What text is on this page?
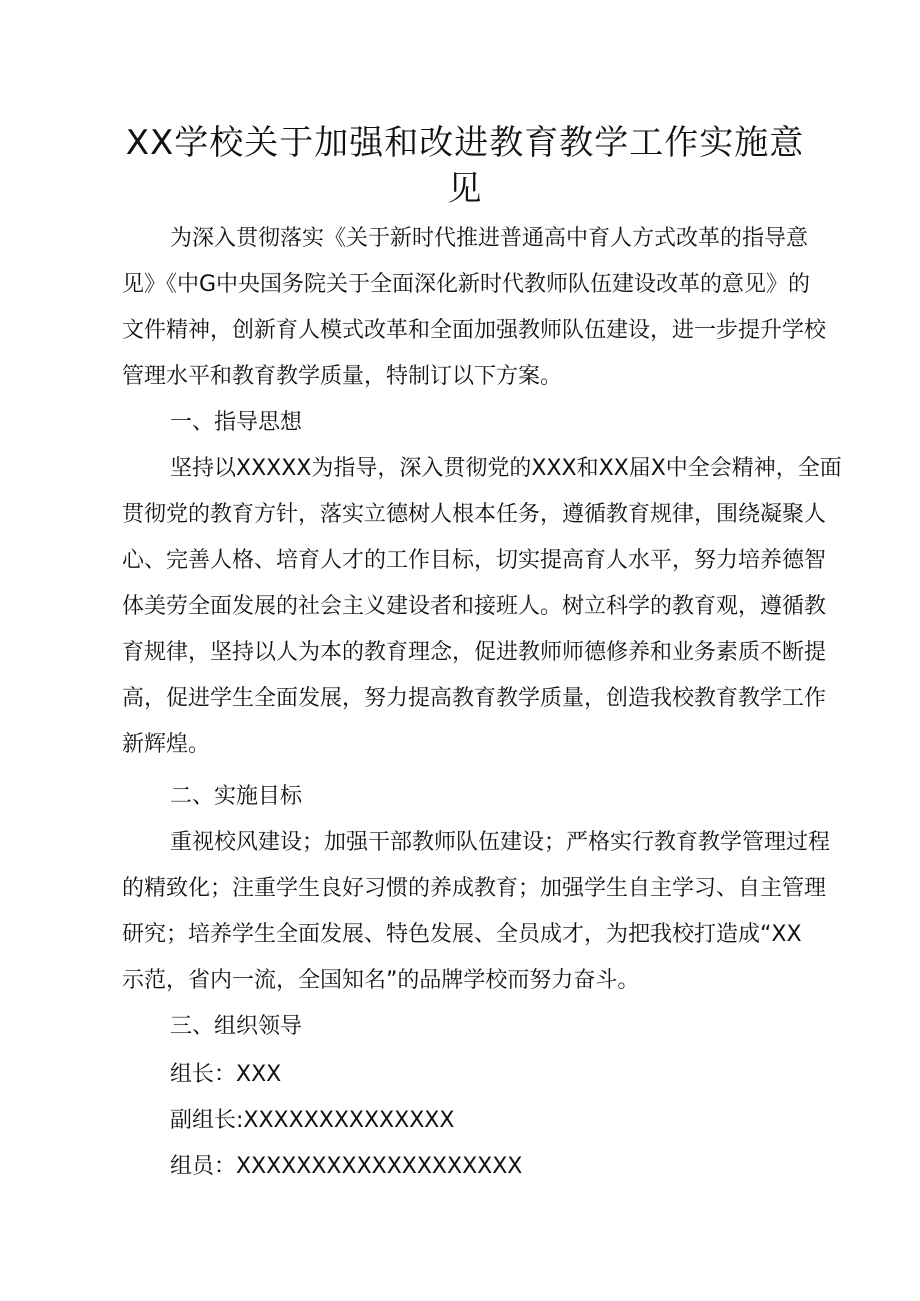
XX学校关于加强和改进教育教学工作实施意
见
为深入贯彻落实《关于新时代推进普通高中育人方式改革的指导意
见》《中G中央国务院关于全面深化新时代教师队伍建设改革的意见》的
文件精神，创新育人模式改革和全面加强教师队伍建设，进一步提升学校
管理水平和教育教学质量，特制订以下方案。
一、指导思想
坚持以XXXXX为指导，深入贯彻党的XXX和XX届X中全会精神，全面
贯彻党的教育方针，落实立德树人根本任务，遵循教育规律，围绕凝聚人
心、完善人格、培育人才的工作目标，切实提高育人水平，努力培养德智
体美劳全面发展的社会主义建设者和接班人。树立科学的教育观，遵循教
育规律，坚持以人为本的教育理念，促进教师师德修养和业务素质不断提
高，促进学生全面发展，努力提高教育教学质量，创造我校教育教学工作
新辉煌。
二、实施目标
重视校风建设；加强干部教师队伍建设；严格实行教育教学管理过程
的精致化；注重学生良好习惯的养成教育；加强学生自主学习、自主管理
研究；培养学生全面发展、特色发展、全员成才，为把我校打造成“XX
示范，省内一流，全国知名”的品牌学校而努力奋斗。
三、组织领导
组长：XXX
副组长:XXXXXXXXXXXXXX
组员：XXXXXXXXXXXXXXXXXXX
